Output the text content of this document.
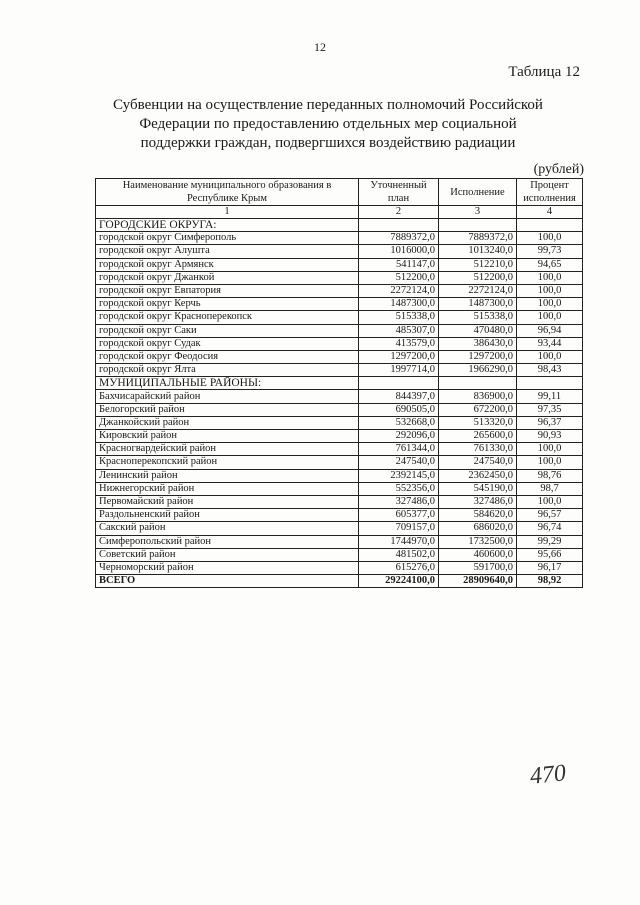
12
Таблица 12
Субвенции на осуществление переданных полномочий Российской
Федерации по предоставлению отдельных мер социальной
поддержки граждан, подвергшихся воздействию радиации
(рублей)
Наименование муниципального образования в Республике Крым	Уточненный план	Исполнение	Процент исполнения
1	2	3	4
ГОРОДСКИЕ ОКРУГА:			
городской округ Симферополь	7889372,0	7889372,0	100,0
городской округ Алушта	1016000,0	1013240,0	99,73
городской округ Армянск	541147,0	512210,0	94,65
городской округ Джанкой	512200,0	512200,0	100,0
городской округ Евпатория	2272124,0	2272124,0	100,0
городской округ Керчь	1487300,0	1487300,0	100,0
городской округ Красноперекопск	515338,0	515338,0	100,0
городской округ Саки	485307,0	470480,0	96,94
городской округ Судак	413579,0	386430,0	93,44
городской округ Феодосия	1297200,0	1297200,0	100,0
городской округ Ялта	1997714,0	1966290,0	98,43
МУНИЦИПАЛЬНЫЕ РАЙОНЫ:			
Бахчисарайский район	844397,0	836900,0	99,11
Белогорский район	690505,0	672200,0	97,35
Джанкойский район	532668,0	513320,0	96,37
Кировский район	292096,0	265600,0	90,93
Красногвардейский район	761344,0	761330,0	100,0
Красноперекопский район	247540,0	247540,0	100,0
Ленинский район	2392145,0	2362450,0	98,76
Нижнегорский район	552356,0	545190,0	98,7
Первомайский район	327486,0	327486,0	100,0
Раздольненский район	605377,0	584620,0	96,57
Сакский район	709157,0	686020,0	96,74
Симферопольский район	1744970,0	1732500,0	99,29
Советский район	481502,0	460600,0	95,66
Черноморский район	615276,0	591700,0	96,17
ВСЕГО	29224100,0	28909640,0	98,92
470
